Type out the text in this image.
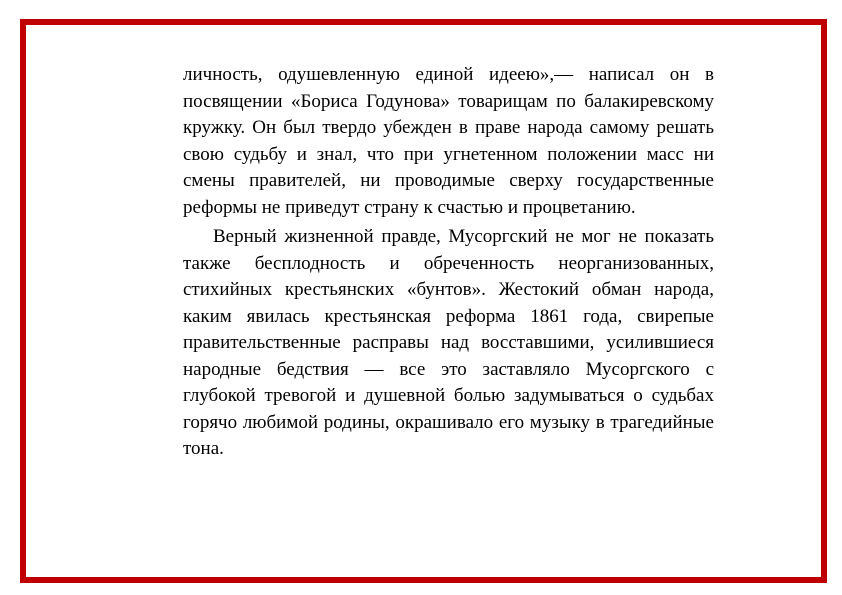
личность, одушевленную единой идеею»,— написал он в посвящении «Бориса Годунова» товарищам по балакиревскому кружку. Он был твердо убежден в праве народа самому решать свою судьбу и знал, что при угнетенном положении масс ни смены правителей, ни проводимые сверху государственные реформы не приведут страну к счастью и процветанию.

Верный жизненной правде, Мусоргский не мог не показать также бесплодность и обреченность неорганизованных, стихийных крестьянских «бунтов». Жестокий обман народа, каким явилась крестьянская реформа 1861 года, свирепые правительственные расправы над восставшими, усилившиеся народные бедствия — все это заставляло Мусоргского с глубокой тревогой и душевной болью задумываться о судьбах горячо любимой родины, окрашивало его музыку в трагедийные тона.
